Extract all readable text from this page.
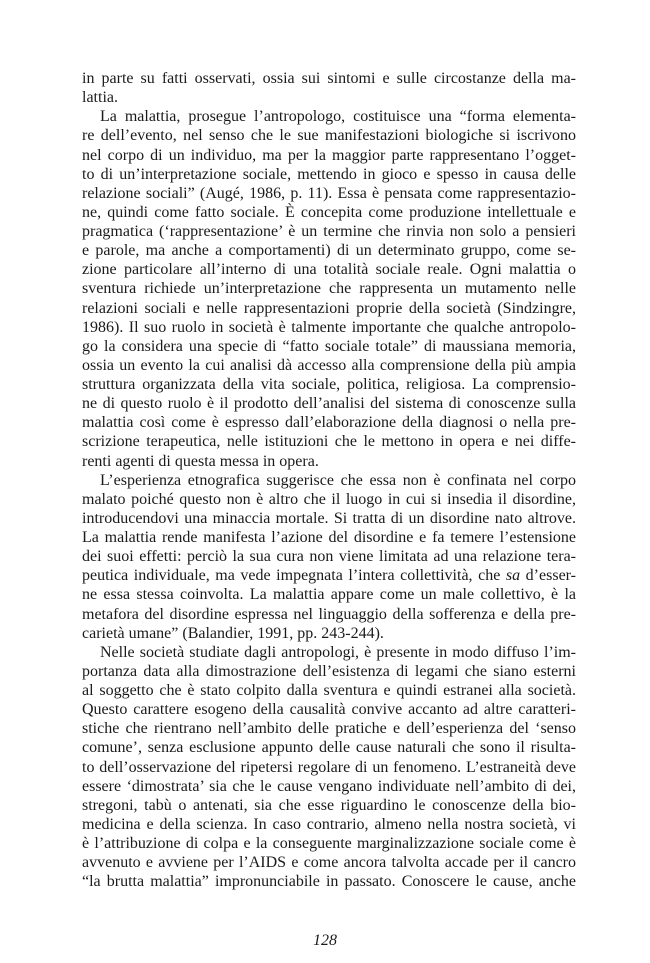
in parte su fatti osservati, ossia sui sintomi e sulle circostanze della ma-
lattia.
La malattia, prosegue l’antropologo, costituisce una “forma elementa-
re dell’evento, nel senso che le sue manifestazioni biologiche si iscrivono
nel corpo di un individuo, ma per la maggior parte rappresentano l’ogget-
to di un’interpretazione sociale, mettendo in gioco e spesso in causa delle
relazione sociali” (Augé, 1986, p. 11). Essa è pensata come rappresentazio-
ne, quindi come fatto sociale. È concepita come produzione intellettuale e
pragmatica (‘rappresentazione’ è un termine che rinvia non solo a pensieri
e parole, ma anche a comportamenti) di un determinato gruppo, come se-
zione particolare all’interno di una totalità sociale reale. Ogni malattia o
sventura richiede un’interpretazione che rappresenta un mutamento nelle
relazioni sociali e nelle rappresentazioni proprie della società (Sindzingre,
1986). Il suo ruolo in società è talmente importante che qualche antropolo-
go la considera una specie di “fatto sociale totale” di maussiana memoria,
ossia un evento la cui analisi dà accesso alla comprensione della più ampia
struttura organizzata della vita sociale, politica, religiosa. La comprensio-
ne di questo ruolo è il prodotto dell’analisi del sistema di conoscenze sulla
malattia così come è espresso dall’elaborazione della diagnosi o nella pre-
scrizione terapeutica, nelle istituzioni che le mettono in opera e nei diffe-
renti agenti di questa messa in opera.
L’esperienza etnografica suggerisce che essa non è confinata nel corpo
malato poiché questo non è altro che il luogo in cui si insedia il disordine,
introducendovi una minaccia mortale. Si tratta di un disordine nato altrove.
La malattia rende manifesta l’azione del disordine e fa temere l’estensione
dei suoi effetti: perciò la sua cura non viene limitata ad una relazione tera-
peutica individuale, ma vede impegnata l’intera collettività, che sa d’esser-
ne essa stessa coinvolta. La malattia appare come un male collettivo, è la
metafora del disordine espressa nel linguaggio della sofferenza e della pre-
carietà umane” (Balandier, 1991, pp. 243-244).
Nelle società studiate dagli antropologi, è presente in modo diffuso l’im-
portanza data alla dimostrazione dell’esistenza di legami che siano esterni
al soggetto che è stato colpito dalla sventura e quindi estranei alla società.
Questo carattere esogeno della causalità convive accanto ad altre caratteri-
stiche che rientrano nell’ambito delle pratiche e dell’esperienza del ‘senso
comune’, senza esclusione appunto delle cause naturali che sono il risulta-
to dell’osservazione del ripetersi regolare di un fenomeno. L’estraneità deve
essere ‘dimostrata’ sia che le cause vengano individuate nell’ambito di dei,
stregoni, tabù o antenati, sia che esse riguardino le conoscenze della bio-
medicina e della scienza. In caso contrario, almeno nella nostra società, vi
è l’attribuzione di colpa e la conseguente marginalizzazione sociale come è
avvenuto e avviene per l’AIDS e come ancora talvolta accade per il cancro
“la brutta malattia” impronunciabile in passato. Conoscere le cause, anche
128
